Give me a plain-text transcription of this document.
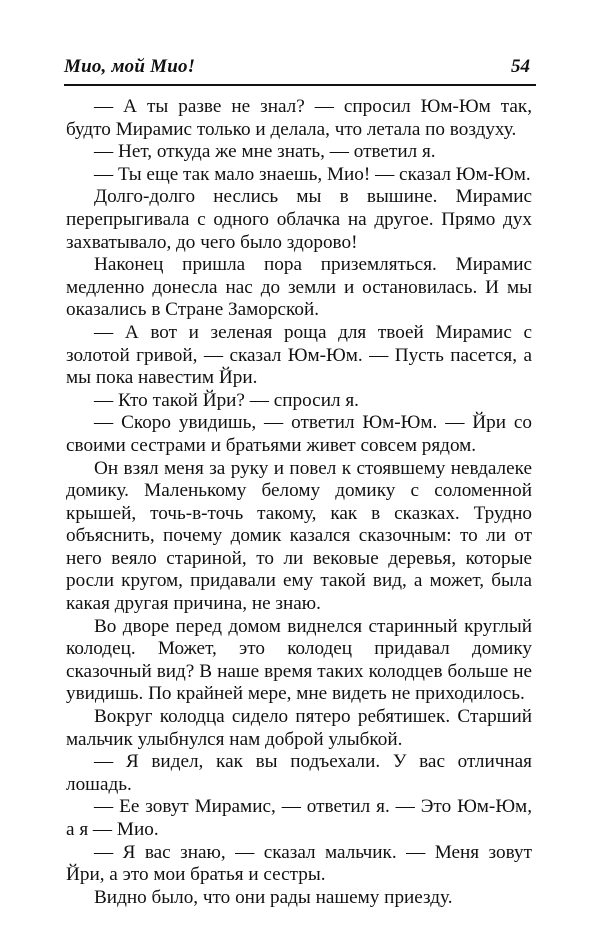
Мио, мой Мио!	54

— А ты разве не знал? — спросил Юм-Юм так, будто Мирамис только и делала, что летала по воздуху.

— Нет, откуда же мне знать, — ответил я.

— Ты еще так мало знаешь, Мио! — сказал Юм-Юм.

Долго-долго неслись мы в вышине. Мирамис перепрыгивала с одного облачка на другое. Прямо дух захватывало, до чего было здорово!

Наконец пришла пора приземляться. Мирамис медленно донесла нас до земли и остановилась. И мы оказались в Стране Заморской.

— А вот и зеленая роща для твоей Мирамис с золотой гривой, — сказал Юм-Юм. — Пусть пасется, а мы пока навестим Йри.

— Кто такой Йри? — спросил я.

— Скоро увидишь, — ответил Юм-Юм. — Йри со своими сестрами и братьями живет совсем рядом.

Он взял меня за руку и повел к стоявшему невдалеке домику. Маленькому белому домику с соломенной крышей, точь-в-точь такому, как в сказках. Трудно объяснить, почему домик казался сказочным: то ли от него веяло стариной, то ли вековые деревья, которые росли кругом, придавали ему такой вид, а может, была какая другая причина, не знаю.

Во дворе перед домом виднелся старинный круглый колодец. Может, это колодец придавал домику сказочный вид? В наше время таких колодцев больше не увидишь. По крайней мере, мне видеть не приходилось.

Вокруг колодца сидело пятеро ребятишек. Старший мальчик улыбнулся нам доброй улыбкой.

— Я видел, как вы подъехали. У вас отличная лошадь.

— Ее зовут Мирамис, — ответил я. — Это Юм-Юм, а я — Мио.

— Я вас знаю, — сказал мальчик. — Меня зовут Йри, а это мои братья и сестры.

Видно было, что они рады нашему приезду.
